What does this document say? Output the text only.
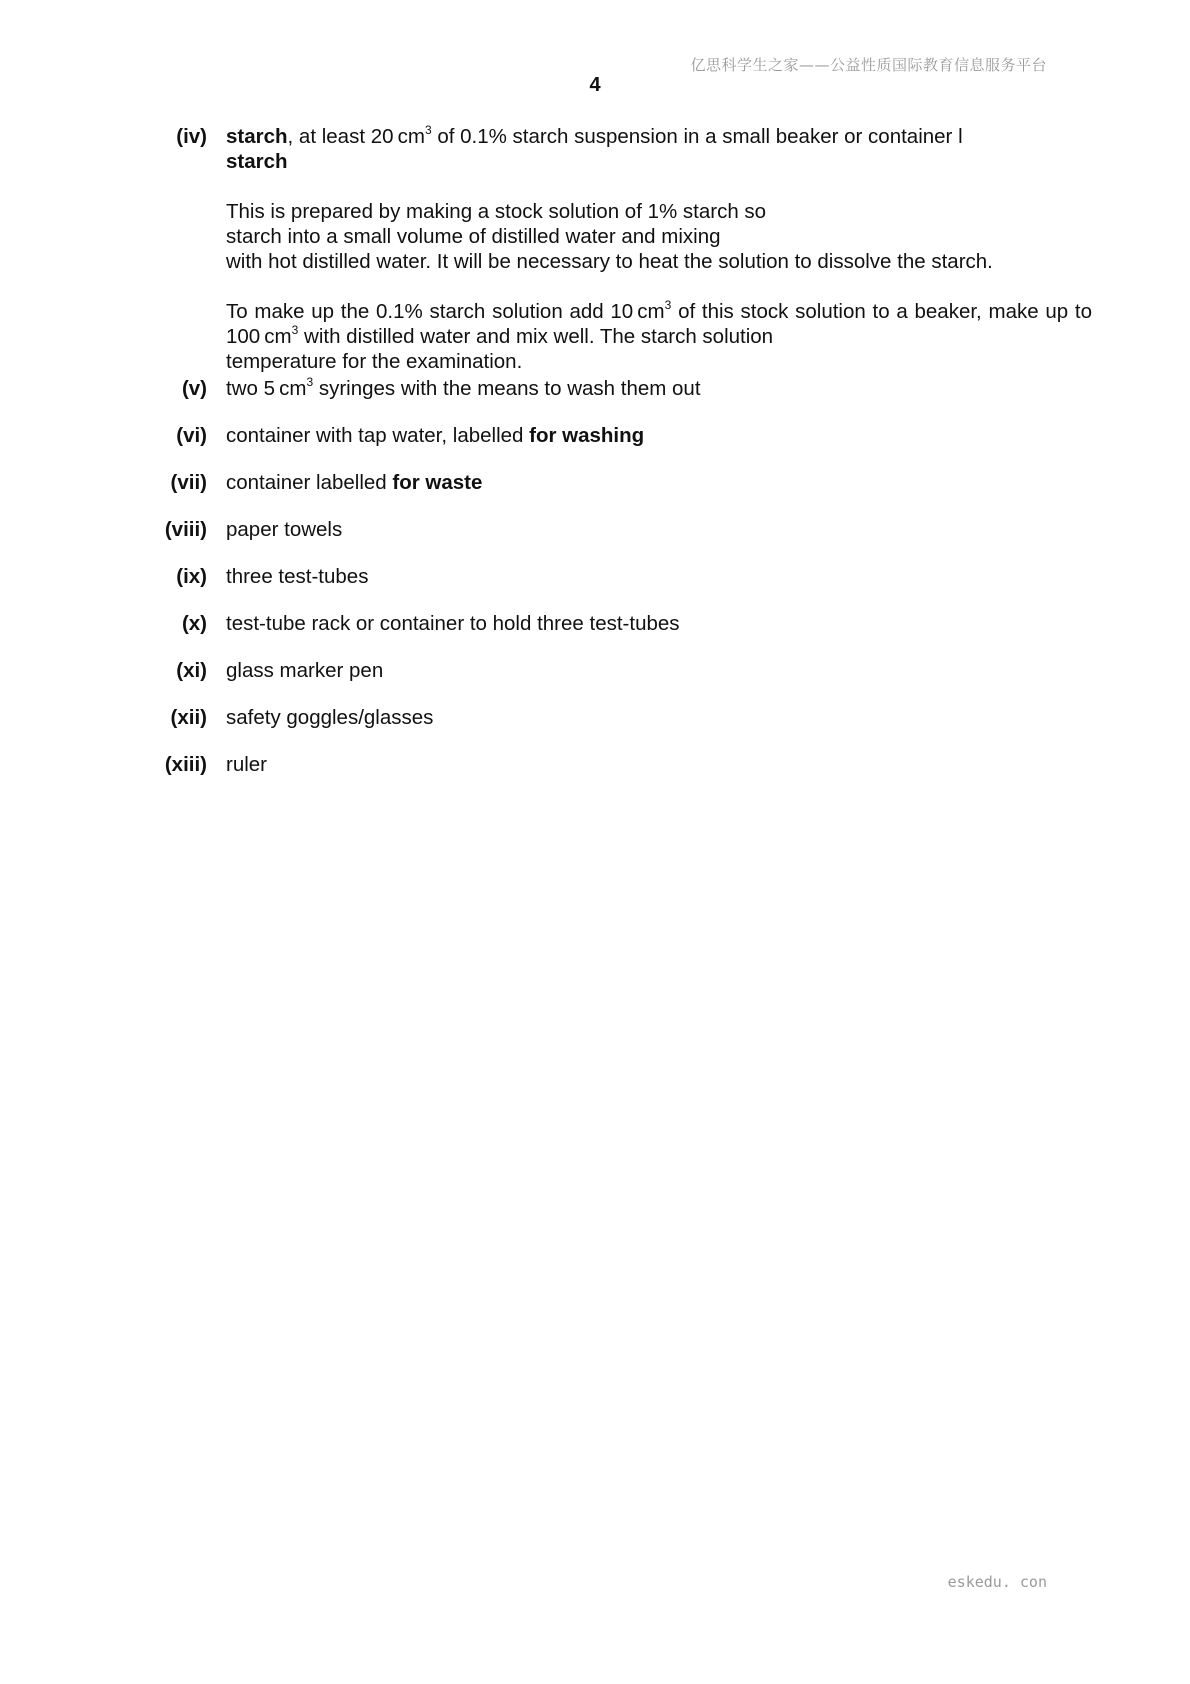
亿思科学生之家——公益性质国际教育信息服务平台
4
(iv) starch, at least 20 $cm^3$ of 0.1% starch suspension in a small beaker or container l
starch

This is prepared by making a stock solution of 1% starch so
starch into a small volume of distilled water and mixing
with hot distilled water. It will be necessary to heat the solution to dissolve the starch.

To make up the 0.1% starch solution add 10 $cm^3$ of this stock solution to a beaker, make up to 100 $cm^3$ with distilled water and mix well. The starch solution
temperature for the examination.

(v) two 5 $cm^3$ syringes with the means to wash them out

(vi) container with tap water, labelled for washing

(vii) container labelled for waste

(viii) paper towels

(ix) three test-tubes

(x) test-tube rack or container to hold three test-tubes

(xi) glass marker pen

(xii) safety goggles/glasses

(xiii) ruler

eskedu. con
